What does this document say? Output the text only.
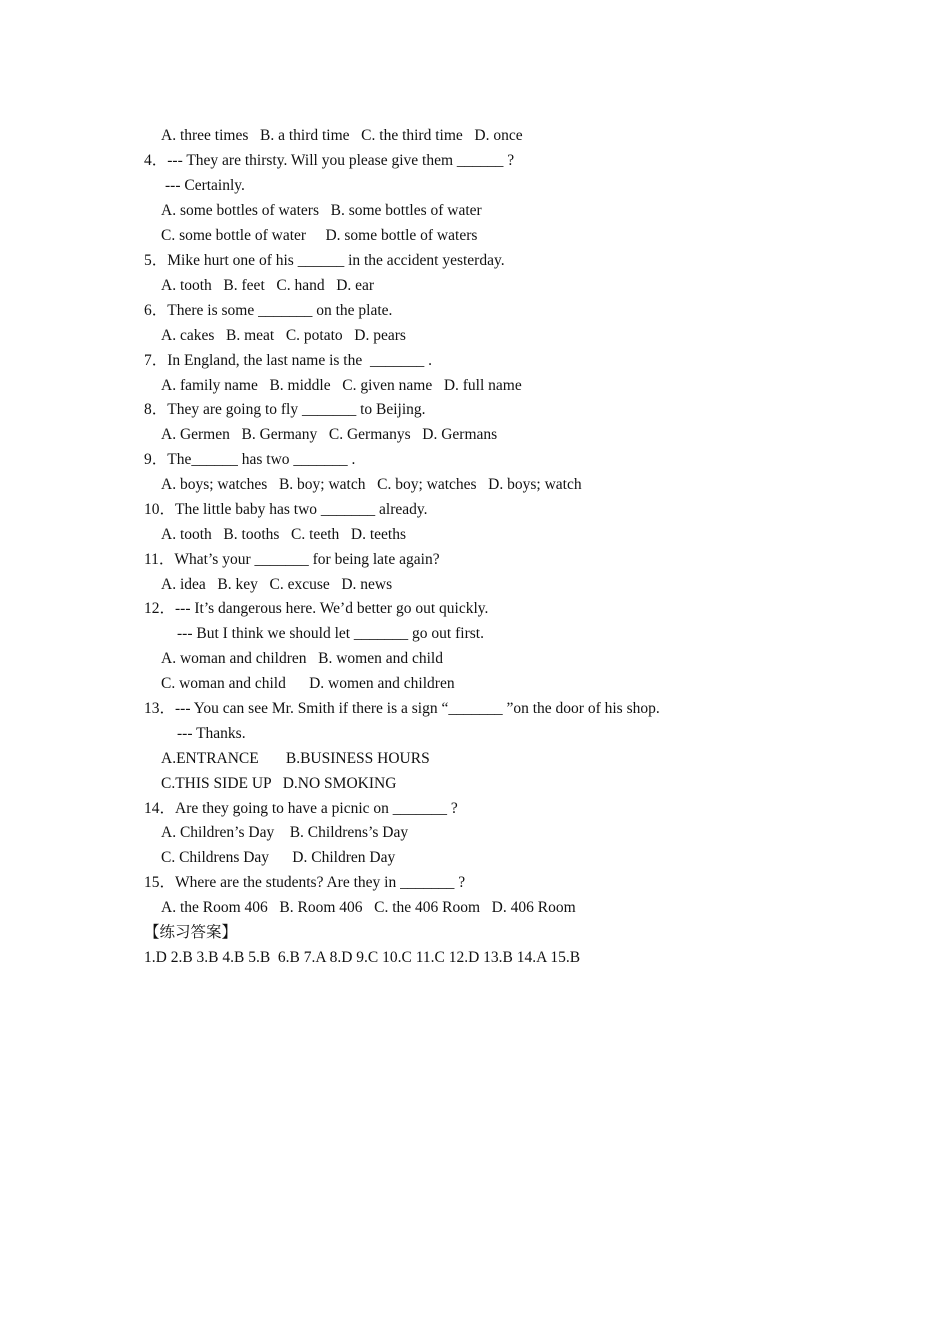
A. three times   B. a third time   C. the third time   D. once
4．--- They are thirsty. Will you please give them ______ ?
--- Certainly.
A. some bottles of waters   B. some bottles of water
C. some bottle of water     D. some bottle of waters
5．Mike hurt one of his ______ in the accident yesterday.
A. tooth   B. feet   C. hand   D. ear
6．There is some _______ on the plate.
A. cakes   B. meat   C. potato   D. pears
7．In England, the last name is the  _______ .
A. family name   B. middle   C. given name   D. full name
8．They are going to fly _______ to Beijing.
A. Germen   B. Germany   C. Germanys   D. Germans
9．The______ has two _______ .
A. boys; watches   B. boy; watch   C. boy; watches   D. boys; watch
10．The little baby has two _______ already.
A. tooth   B. tooths   C. teeth   D. teeths
11．What’s your _______ for being late again?
A. idea   B. key   C. excuse   D. news
12．--- It’s dangerous here. We’d better go out quickly.
--- But I think we should let _______ go out first.
A. woman and children   B. women and child
C. woman and child      D. women and children
13．--- You can see Mr. Smith if there is a sign “_______ ”on the door of his shop.
--- Thanks.
A.ENTRANCE       B.BUSINESS HOURS
C.THIS SIDE UP   D.NO SMOKING
14．Are they going to have a picnic on _______ ?
A. Children’s Day    B. Childrens’s Day
C. Childrens Day      D. Children Day
15．Where are the students? Are they in _______ ?
A. the Room 406   B. Room 406   C. the 406 Room   D. 406 Room
【练习答案】
1.D 2.B 3.B 4.B 5.B  6.B 7.A 8.D 9.C 10.C 11.C 12.D 13.B 14.A 15.B
